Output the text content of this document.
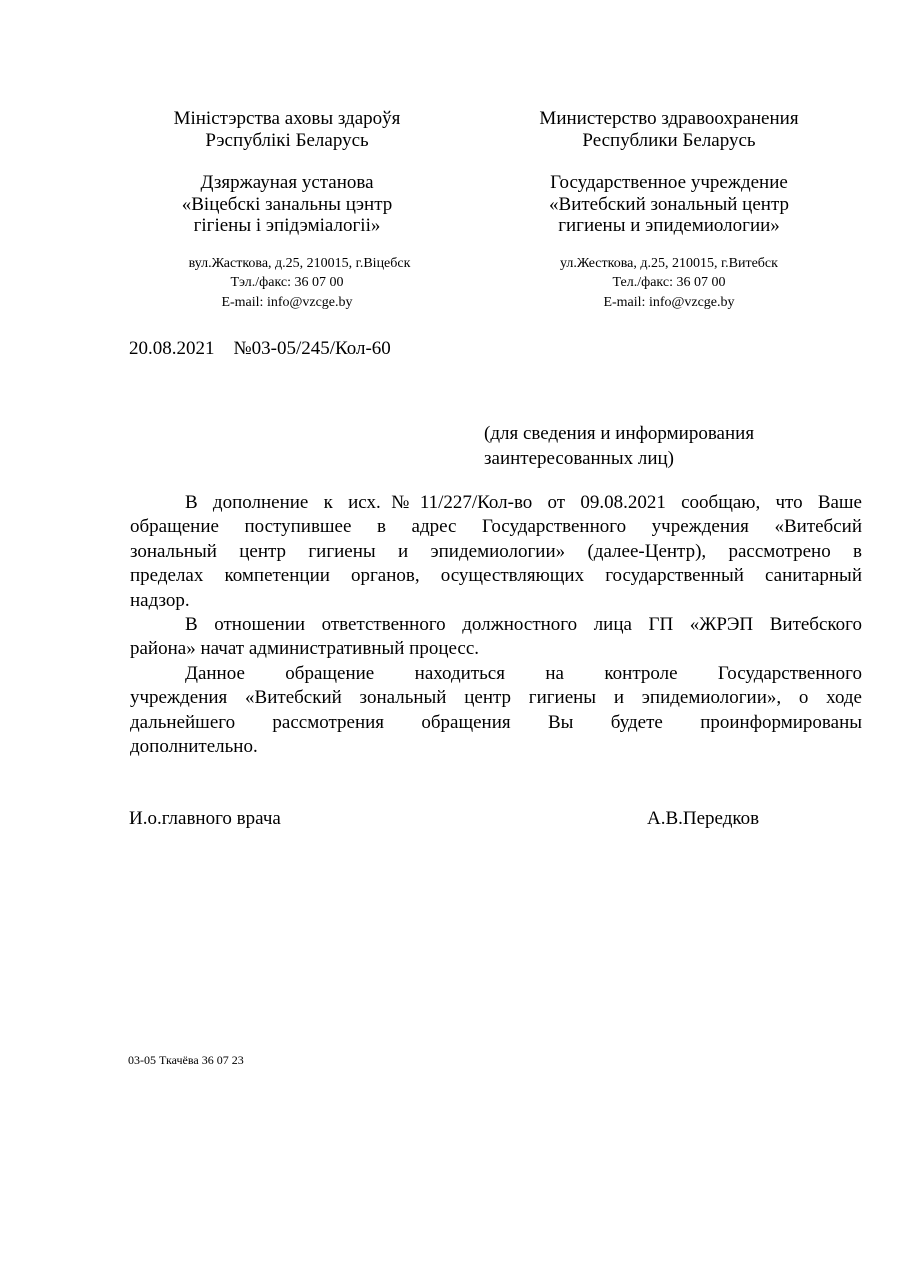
Міністэрства аховы здароўя
Рэспублікі Беларусь
Дзяржауная установа
«Віцебскі занальны цэнтр
гігіены і эпідэміалогіі»
вул.Жасткова, д.25, 210015, г.Віцебск
Тэл./факс: 36 07 00
E-mail: info@vzcge.by
Министерство здравоохранения
Республики Беларусь
Государственное учреждение
«Витебский зональный центр
гигиены и эпидемиологии»
ул.Жесткова, д.25, 210015, г.Витебск
Тел./факс: 36 07 00
E-mail: info@vzcge.by
20.08.2021 №03-05/245/Кол-60
(для сведения и информирования
заинтересованных лиц)
В дополнение к исх.№11/227/Кол-во от 09.08.2021 сообщаю, что Ваше
обращение поступившее в адрес Государственного учреждения «Витебсий
зональный центр гигиены и эпидемиологии» (далее-Центр), рассмотрено в
пределах компетенции органов, осуществляющих государственный санитарный
надзор.
В отношении ответственного должностного лица ГП «ЖРЭП Витебского
района» начат административный процесс.
Данное обращение находиться на контроле Государственного
учреждения «Витебский зональный центр гигиены и эпидемиологии», о ходе
дальнейшего рассмотрения обращения Вы будете проинформированы
дополнительно.
И.о.главного врача	А.В.Передков
03-05 Ткачёва 36 07 23
